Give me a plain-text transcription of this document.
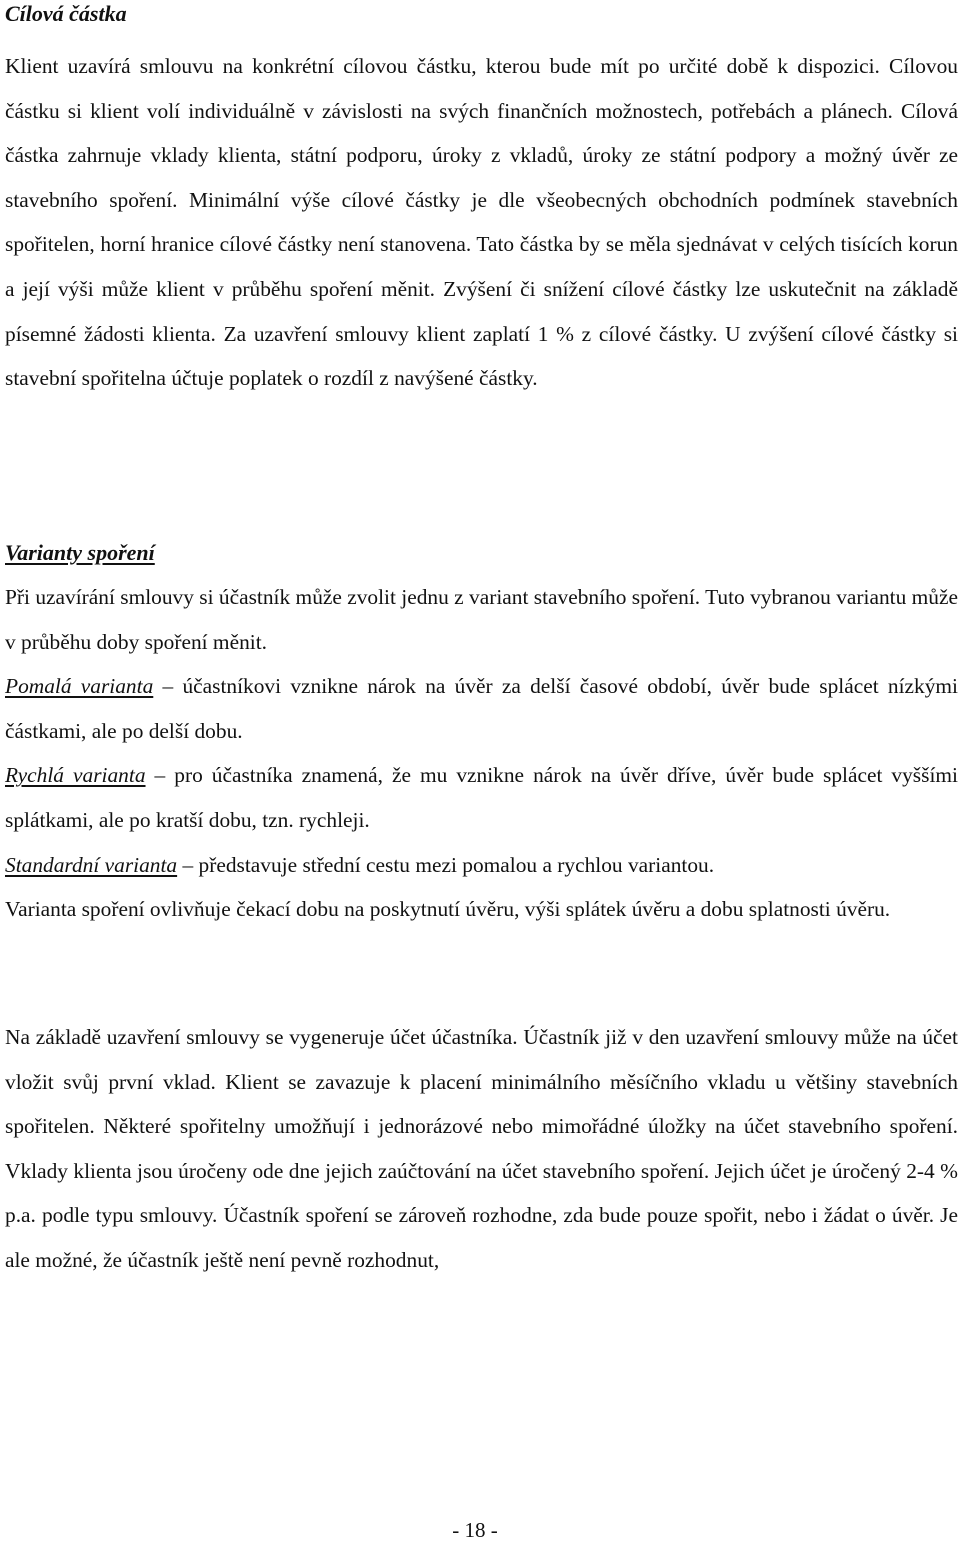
Cílová částka

Klient uzavírá smlouvu na konkrétní cílovou částku, kterou bude mít po určité době k dispozici. Cílovou částku si klient volí individuálně v závislosti na svých finančních možnostech, potřebách a plánech. Cílová částka zahrnuje vklady klienta, státní podporu, úroky z vkladů, úroky ze státní podpory a možný úvěr ze stavebního spoření. Minimální výše cílové částky je dle všeobecných obchodních podmínek stavebních spořitelen, horní hranice cílové částky není stanovena. Tato částka by se měla sjednávat v celých tisících korun a její výši může klient v průběhu spoření měnit. Zvýšení či snížení cílové částky lze uskutečnit na základě písemné žádosti klienta. Za uzavření smlouvy klient zaplatí 1 % z cílové částky. U zvýšení cílové částky si stavební spořitelna účtuje poplatek o rozdíl z navýšené částky.

Varianty spoření

Při uzavírání smlouvy si účastník může zvolit jednu z variant stavebního spoření. Tuto vybranou variantu může v průběhu doby spoření měnit.

Pomalá varianta – účastníkovi vznikne nárok na úvěr za delší časové období, úvěr bude splácet nízkými částkami, ale po delší dobu.

Rychlá varianta – pro účastníka znamená, že mu vznikne nárok na úvěr dříve, úvěr bude splácet vyššími splátkami, ale po kratší dobu, tzn. rychleji.

Standardní varianta – představuje střední cestu mezi pomalou a rychlou variantou.

Varianta spoření ovlivňuje čekací dobu na poskytnutí úvěru, výši splátek úvěru a dobu splatnosti úvěru.

Na základě uzavření smlouvy se vygeneruje účet účastníka. Účastník již v den uzavření smlouvy může na účet vložit svůj první vklad. Klient se zavazuje k placení minimálního měsíčního vkladu u většiny stavebních spořitelen. Některé spořitelny umožňují i jednorázové nebo mimořádné úložky na účet stavebního spoření. Vklady klienta jsou úročeny ode dne jejich zaúčtování na účet stavebního spoření. Jejich účet je úročený 2-4 % p.a. podle typu smlouvy. Účastník spoření se zároveň rozhodne, zda bude pouze spořit, nebo i žádat o úvěr. Je ale možné, že účastník ještě není pevně rozhodnut,

- 18 -
